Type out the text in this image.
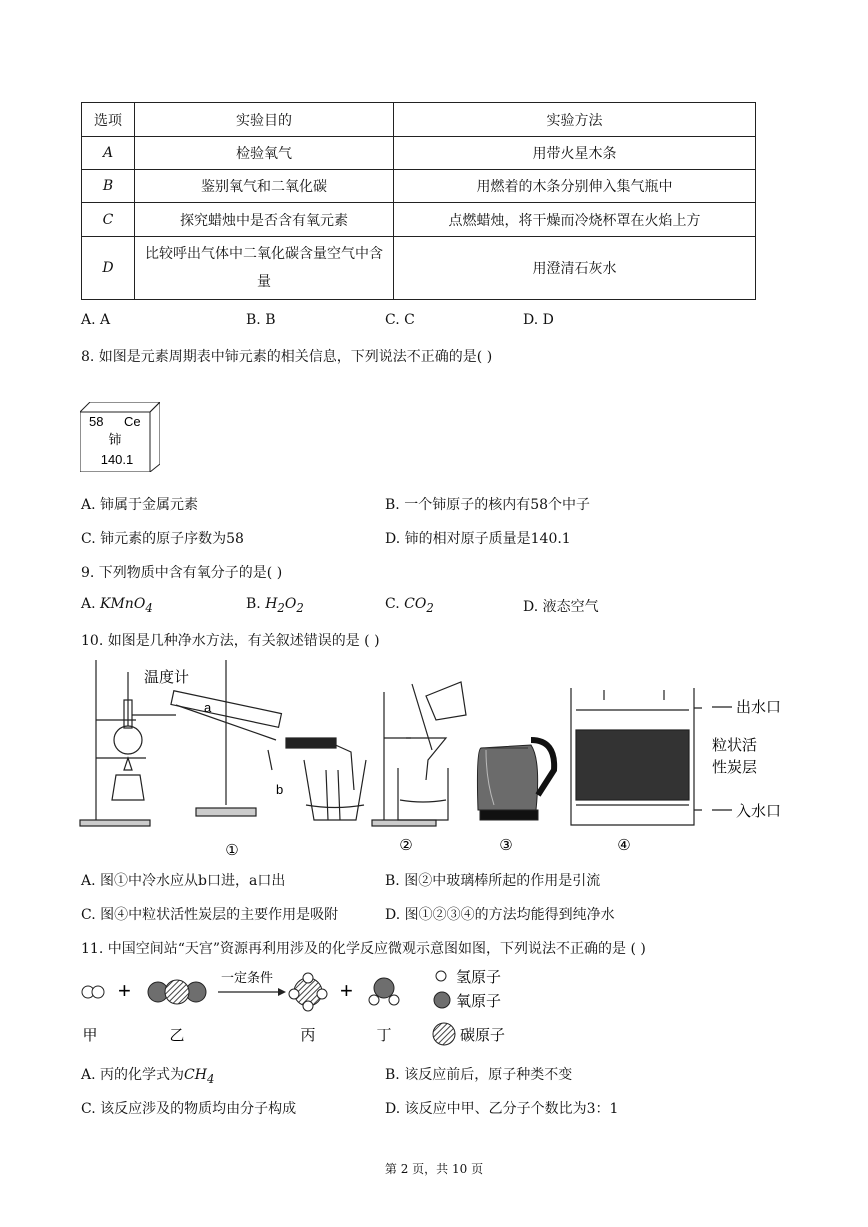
选项	实验目的	实验方法
A	检验氧气	用带火星木条
B	鉴别氧气和二氧化碳	用燃着的木条分别伸入集气瓶中
C	探究蜡烛中是否含有氧元素	点燃蜡烛，将干燥而冷烧杯罩在火焰上方
D	比较呼出气体中二氧化碳含量空气中含量	用澄清石灰水
A. A	B. B	C. C	D. D
8. 如图是元素周期表中铈元素的相关信息，下列说法不正确的是( )
58 Ce
铈
140.1
A. 铈属于金属元素	B. 一个铈原子的核内有58个中子
C. 铈元素的原子序数为58	D. 铈的相对原子质量是140.1
9. 下列物质中含有氧分子的是( )
A. KMnO$_4$	B. $H_2O_2$	C. $CO_2$	D. 液态空气
10. 如图是几种净水方法，有关叙述错误的是 ( )
温度计
a
b
①	②	③
出水口
粒状活
性炭层
入水口
④
A. 图①中冷水应从b口进，a口出	B. 图②中玻璃棒所起的作用是引流
C. 图④中粒状活性炭层的主要作用是吸附	D. 图①②③④的方法均能得到纯净水
11. 中国空间站“天宫”资源再利用涉及的化学反应微观示意图如图，下列说法不正确的是 ( )
+
一定条件
+
甲	乙	丙	丁
氢原子
氧原子
碳原子
A. 丙的化学式为$CH_4$	B. 该反应前后，原子种类不变
C. 该反应涉及的物质均由分子构成	D. 该反应中甲、乙分子个数比为3：1
第 2 页，共 10 页
